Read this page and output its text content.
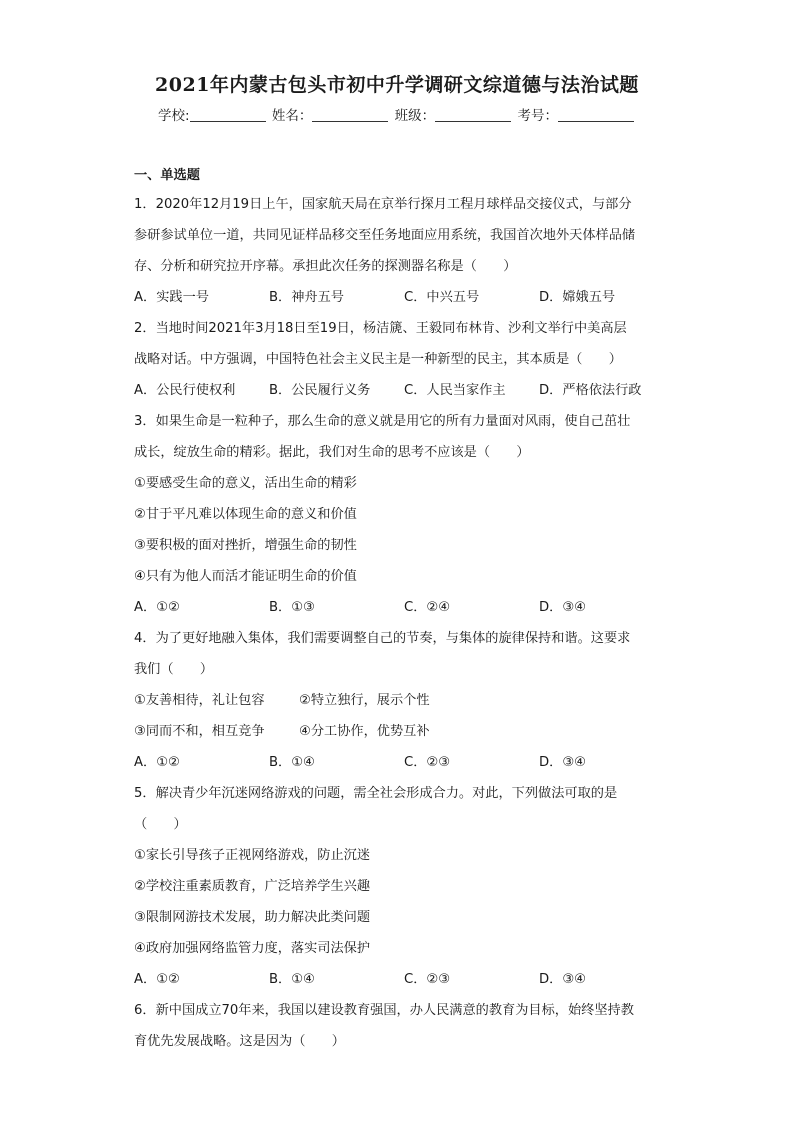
2021年内蒙古包头市初中升学调研文综道德与法治试题
学校:	姓名：	班级：	考号：
一、单选题
1．2020年12月19日上午，国家航天局在京举行探月工程月球样品交接仪式，与部分
参研参试单位一道，共同见证样品移交至任务地面应用系统，我国首次地外天体样品储
存、分析和研究拉开序幕。承担此次任务的探测器名称是（　　）
A．实践一号	B．神舟五号	C．中兴五号	D．嫦娥五号
2．当地时间2021年3月18日至19日，杨洁篪、王毅同布林肯、沙利文举行中美高层
战略对话。中方强调，中国特色社会主义民主是一种新型的民主，其本质是（　　）
A．公民行使权利	B．公民履行义务	C．人民当家作主	D．严格依法行政
3．如果生命是一粒种子，那么生命的意义就是用它的所有力量面对风雨，使自己茁壮
成长，绽放生命的精彩。据此，我们对生命的思考不应该是（　　）
①要感受生命的意义，活出生命的精彩
②甘于平凡难以体现生命的意义和价值
③要积极的面对挫折，增强生命的韧性
④只有为他人而活才能证明生命的价值
A．①②	B．①③	C．②④	D．③④
4．为了更好地融入集体，我们需要调整自己的节奏，与集体的旋律保持和谐。这要求
我们（　　）
①友善相待，礼让包容	②特立独行，展示个性
③同而不和，相互竞争	④分工协作，优势互补
A．①②	B．①④	C．②③	D．③④
5．解决青少年沉迷网络游戏的问题，需全社会形成合力。对此，下列做法可取的是
（　　）
①家长引导孩子正视网络游戏，防止沉迷
②学校注重素质教育，广泛培养学生兴趣
③限制网游技术发展，助力解决此类问题
④政府加强网络监管力度，落实司法保护
A．①②	B．①④	C．②③	D．③④
6．新中国成立70年来，我国以建设教育强国，办人民满意的教育为目标，始终坚持教
育优先发展战略。这是因为（　　）
